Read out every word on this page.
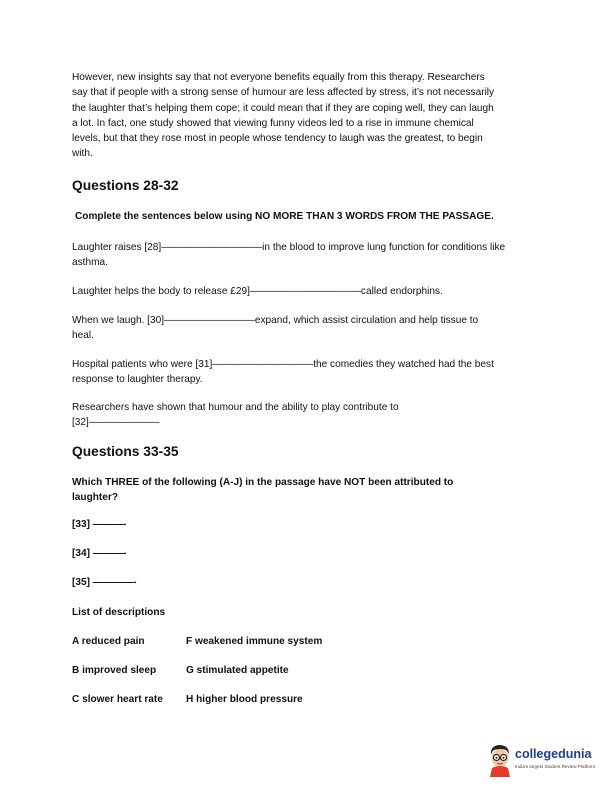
However, new insights say that not everyone benefits equally from this therapy. Researchers
say that if people with a strong sense of humour are less affected by stress, it’s not necessarily
the laughter that’s helping them cope; it could mean that if they are coping well, they can laugh
a lot. In fact, one study showed that viewing funny videos led to a rise in immune chemical
levels, but that they rose most in people whose tendency to laugh was the greatest, to begin
with.
Questions 28-32
Complete the sentences below using NO MORE THAN 3 WORDS FROM THE PASSAGE.
Laughter raises [28]——————————in the blood to improve lung function for conditions like
asthma.
Laughter helps the body to release £29]———————————called endorphins.
When we laugh. [30]—————————expand, which assist circulation and help tissue to
heal.
Hospital patients who were [31]——————————the comedies they watched had the best
response to laughter therapy.
Researchers have shown that humour and the ability to play contribute to
[32]———————
Questions 33-35
Which THREE of the following (A-J) in the passage have NOT been attributed to
laughter?
[33] ———-
[34] ———-
[35] ————-
List of descriptions
A reduced pain	F weakened immune system
B improved sleep	G stimulated appetite
C slower heart rate H higher blood pressure
collegedunia
India's largest Student Review Platform
